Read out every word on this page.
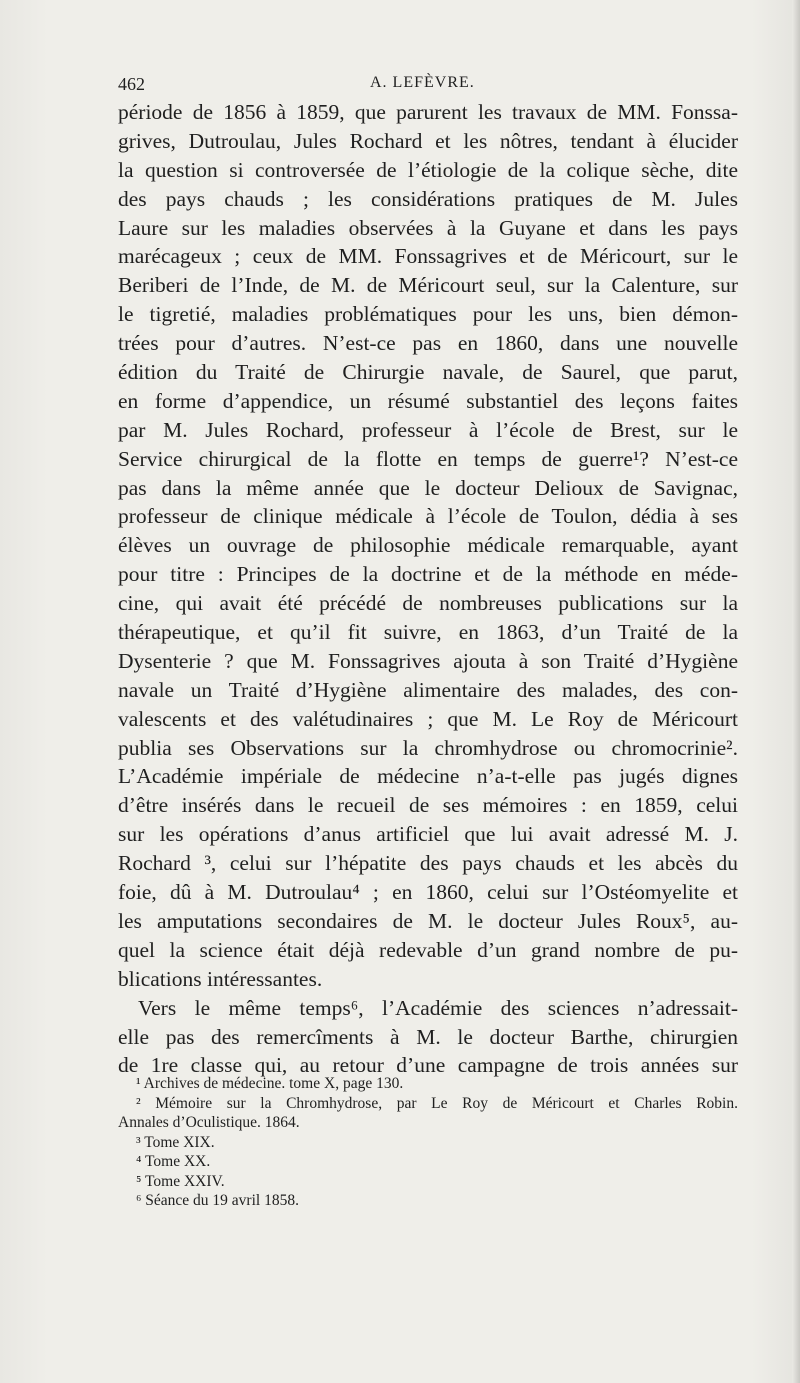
462	A. LEFÈVRE.
période de 1856 à 1859, que parurent les travaux de MM. Fonssa-
grives, Dutroulau, Jules Rochard et les nôtres, tendant à élucider
la question si controversée de l’étiologie de la colique sèche, dite
des pays chauds ; les considérations pratiques de M. Jules
Laure sur les maladies observées à la Guyane et dans les pays
marécageux ; ceux de MM. Fonssagrives et de Méricourt, sur le
Beriberi de l’Inde, de M. de Méricourt seul, sur la Calenture, sur
le tigretié, maladies problématiques pour les uns, bien démon-
trées pour d’autres. N’est-ce pas en 1860, dans une nouvelle
édition du Traité de Chirurgie navale, de Saurel, que parut,
en forme d’appendice, un résumé substantiel des leçons faites
par M. Jules Rochard, professeur à l’école de Brest, sur le
Service chirurgical de la flotte en temps de guerre¹? N’est-ce
pas dans la même année que le docteur Delioux de Savignac,
professeur de clinique médicale à l’école de Toulon, dédia à ses
élèves un ouvrage de philosophie médicale remarquable, ayant
pour titre : Principes de la doctrine et de la méthode en méde-
cine, qui avait été précédé de nombreuses publications sur la
thérapeutique, et qu’il fit suivre, en 1863, d’un Traité de la
Dysenterie ? que M. Fonssagrives ajouta à son Traité d’Hygiène
navale un Traité d’Hygiène alimentaire des malades, des con-
valescents et des valétudinaires ; que M. Le Roy de Méricourt
publia ses Observations sur la chromhydrose ou chromocrinie².
L’Académie impériale de médecine n’a-t-elle pas jugés dignes
d’être insérés dans le recueil de ses mémoires : en 1859, celui
sur les opérations d’anus artificiel que lui avait adressé M. J.
Rochard ³, celui sur l’hépatite des pays chauds et les abcès du
foie, dû à M. Dutroulau⁴ ; en 1860, celui sur l’Ostéomyelite et
les amputations secondaires de M. le docteur Jules Roux⁵, au-
quel la science était déjà redevable d’un grand nombre de pu-
blications intéressantes.
Vers le même temps⁶, l’Académie des sciences n’adressait-
elle pas des remercîments à M. le docteur Barthe, chirurgien
de 1re classe qui, au retour d’une campagne de trois années sur
¹ Archives de médecine. tome X, page 130.
² Mémoire sur la Chromhydrose, par Le Roy de Méricourt et Charles Robin.
Annales d’Oculistique. 1864.
³ Tome XIX.
⁴ Tome XX.
⁵ Tome XXIV.
⁶ Séance du 19 avril 1858.
